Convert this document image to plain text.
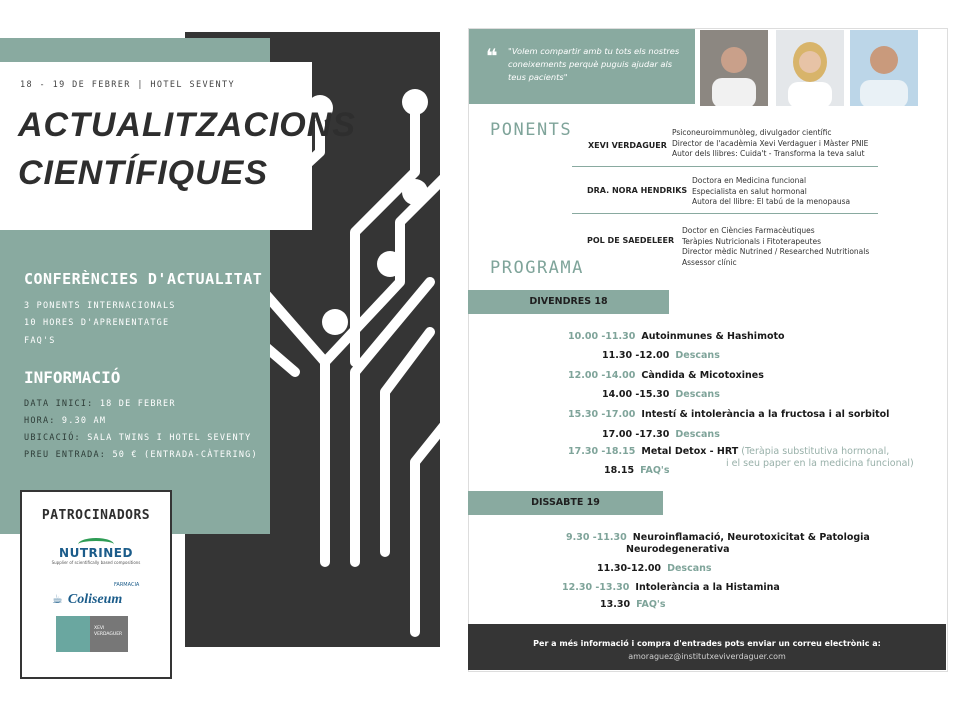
18 - 19 DE FEBRER | HOTEL SEVENTY
ACTUALITZACIONS
CIENTÍFIQUES
CONFERÈNCIES D'ACTUALITAT
3 PONENTS INTERNACIONALS
10 HORES D'APRENENTATGE
FAQ'S
INFORMACIÓ
DATA INICI: 18 DE FEBRER
HORA: 9.30 AM
UBICACIÓ: SALA TWINS I HOTEL SEVENTY
PREU ENTRADA: 50 € (ENTRADA-CÀTERING)
PATROCINADORS
NUTRINED
Supplier of scientifically based compositions
FARMACIA
☕ Coliseum
XEVI
VERDAGUER
❝ "Volem compartir amb tu tots els nostres coneixements perquè puguis ajudar als teus pacients"
PONENTS
XEVI VERDAGUER
Psiconeuroimmunòleg, divulgador científic
Director de l'acadèmia Xevi Verdaguer i Màster PNIE
Autor dels llibres: Cuida't - Transforma la teva salut
DRA. NORA HENDRIKS
Doctora en Medicina funcional
Especialista en salut hormonal
Autora del llibre: El tabú de la menopausa
POL DE SAEDELEER
Doctor en Ciències Farmacèutiques
Teràpies Nutricionals i Fitoterapeutes
Director mèdic Nutrined / Researched Nutritionals
Assessor clínic
PROGRAMA
DIVENDRES 18
10.00 -11.30 Autoinmunes & Hashimoto
11.30 -12.00 Descans
12.00 -14.00 Càndida & Micotoxines
14.00 -15.30 Descans
15.30 -17.00 Intestí & intolerància a la fructosa i al sorbitol
17.00 -17.30 Descans
17.30 -18.15 Metal Detox - HRT (Teràpia substitutiva hormonal,
i el seu paper en la medicina funcional)
18.15 FAQ's
DISSABTE 19
9.30 -11.30 Neuroinflamació, Neurotoxicitat & Patologia
Neurodegenerativa
11.30-12.00 Descans
12.30 -13.30 Intolerància a la Histamina
13.30 FAQ's
Per a més informació i compra d'entrades pots enviar un correu electrònic a:
amoraguez@institutxeviverdaguer.com
